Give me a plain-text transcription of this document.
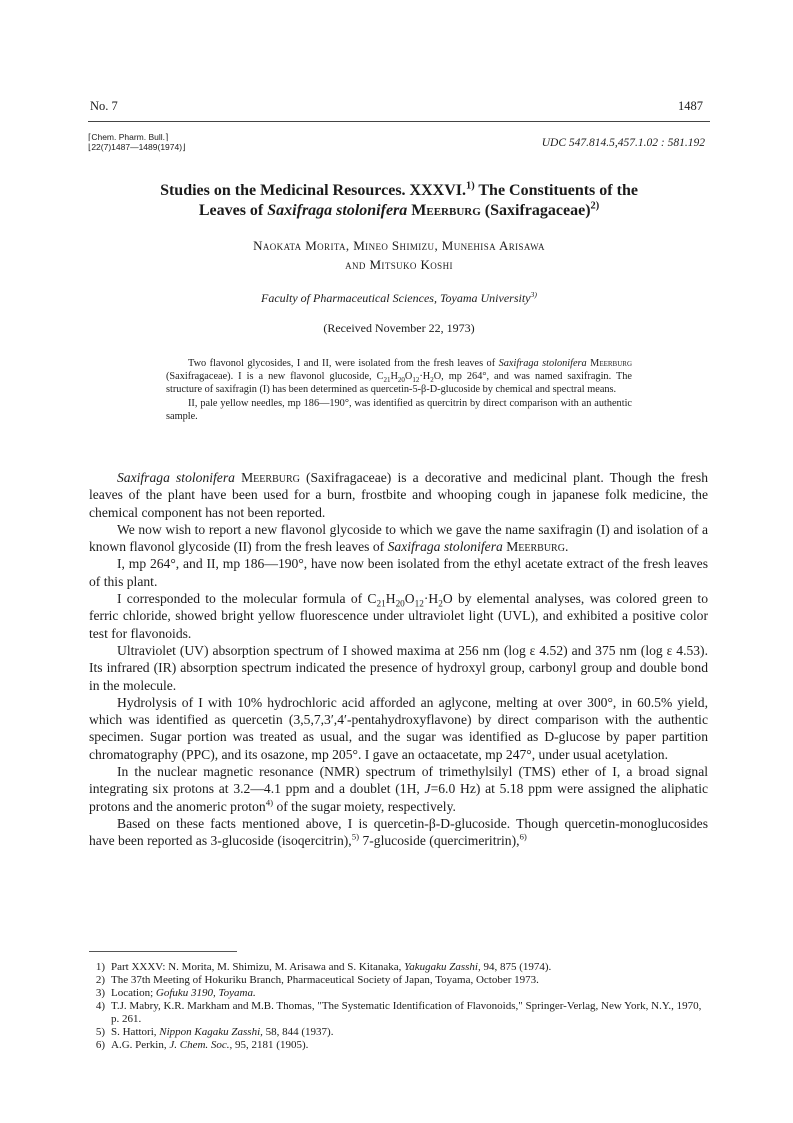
No. 7	1487
⌈Chem. Pharm. Bull.⌉
⌊22(7)1487—1489(1974)⌋	UDC 547.814.5,457.1.02 : 581.192
Studies on the Medicinal Resources. XXXVI.$^{1)}$ The Constituents of the
Leaves of Saxifraga stolonifera Meerburg (Saxifragaceae)$^{2)}$
Naokata Morita, Mineo Shimizu, Munehisa Arisawa
and Mitsuko Koshi
Faculty of Pharmaceutical Sciences, Toyama University$^{3)}$
(Received November 22, 1973)

Two flavonol glycosides, I and II, were isolated from the fresh leaves of Saxifraga stolonifera Meerburg (Saxifragaceae). I is a new flavonol glucoside, $C_{21}H_{20}O_{12}\cdot H_2O$, mp 264°, and was named saxifragin. The structure of saxifragin (I) has been determined as quercetin-5-β-D-glucoside by chemical and spectral means.

II, pale yellow needles, mp 186—190°, was identified as quercitrin by direct comparison with an authentic sample.

Saxifraga stolonifera Meerburg (Saxifragaceae) is a decorative and medicinal plant. Though the fresh leaves of the plant have been used for a burn, frostbite and whooping cough in japanese folk medicine, the chemical component has not been reported.

We now wish to report a new flavonol glycoside to which we gave the name saxifragin (I) and isolation of a known flavonol glycoside (II) from the fresh leaves of Saxifraga stolonifera Meerburg.

I, mp 264°, and II, mp 186—190°, have now been isolated from the ethyl acetate extract of the fresh leaves of this plant.

I corresponded to the molecular formula of $C_{21}H_{20}O_{12}\cdot H_2O$ by elemental analyses, was colored green to ferric chloride, showed bright yellow fluorescence under ultraviolet light (UVL), and exhibited a positive color test for flavonoids.

Ultraviolet (UV) absorption spectrum of I showed maxima at 256 nm (log ε 4.52) and 375 nm (log ε 4.53). Its infrared (IR) absorption spectrum indicated the presence of hydroxyl group, carbonyl group and double bond in the molecule.

Hydrolysis of I with 10% hydrochloric acid afforded an aglycone, melting at over 300°, in 60.5% yield, which was identified as quercetin (3,5,7,3′,4′-pentahydroxyflavone) by direct comparison with the authentic specimen. Sugar portion was treated as usual, and the sugar was identified as D-glucose by paper partition chromatography (PPC), and its osazone, mp 205°. I gave an octaacetate, mp 247°, under usual acetylation.

In the nuclear magnetic resonance (NMR) spectrum of trimethylsilyl (TMS) ether of I, a broad signal integrating six protons at 3.2—4.1 ppm and a doublet (1H, J=6.0 Hz) at 5.18 ppm were assigned the aliphatic protons and the anomeric proton$^{4)}$ of the sugar moiety, respectively.

Based on these facts mentioned above, I is quercetin-β-D-glucoside. Though quercetin-monoglucosides have been reported as 3-glucoside (isoqercitrin),$^{5)}$ 7-glucoside (quercimeritrin),$^{6)}$

1) Part XXXV: N. Morita, M. Shimizu, M. Arisawa and S. Kitanaka, Yakugaku Zasshi, 94, 875 (1974).
2) The 37th Meeting of Hokuriku Branch, Pharmaceutical Society of Japan, Toyama, October 1973.
3) Location; Gofuku 3190, Toyama.
4) T.J. Mabry, K.R. Markham and M.B. Thomas, "The Systematic Identification of Flavonoids," Springer-Verlag, New York, N.Y., 1970, p. 261.
5) S. Hattori, Nippon Kagaku Zasshi, 58, 844 (1937).
6) A.G. Perkin, J. Chem. Soc., 95, 2181 (1905).
